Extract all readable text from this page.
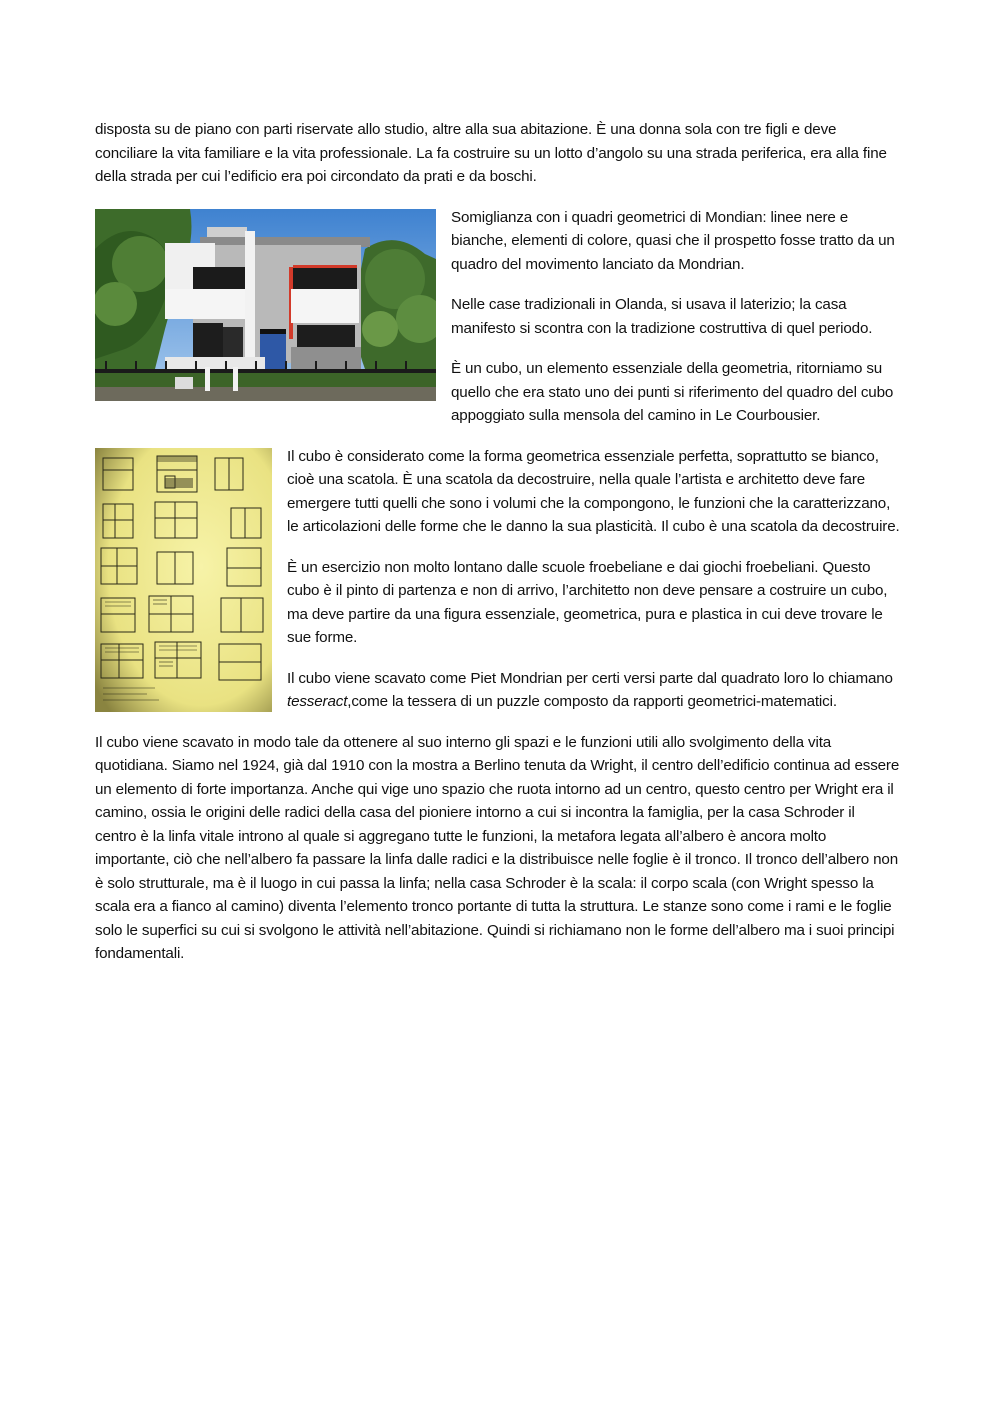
disposta su de piano con parti riservate allo studio, altre alla sua abitazione. È una donna sola con tre figli e deve conciliare la vita familiare e la vita professionale. La fa costruire su un lotto d’angolo su una strada periferica, era alla fine della strada per cui l’edificio era poi circondato da prati e da boschi.

Somiglianza con i quadri geometrici di Mondian: linee nere e bianche, elementi di colore, quasi che il prospetto fosse tratto da un quadro del movimento lanciato da Mondrian.

Nelle case tradizionali in Olanda, si usava il laterizio; la casa manifesto si scontra con la tradizione costruttiva di quel periodo.

È un cubo, un elemento essenziale della geometria, ritorniamo su quello che era stato uno dei punti si riferimento del quadro del cubo appoggiato sulla mensola del camino in Le Courbousier.

Il cubo è considerato come la forma geometrica essenziale perfetta, soprattutto se bianco, cioè una scatola. È una scatola da decostruire, nella quale l’artista e architetto deve fare emergere tutti quelli che sono i volumi che la compongono, le funzioni che la caratterizzano, le articolazioni delle forme che le danno la sua plasticità. Il cubo è una scatola da decostruire.

È un esercizio non molto lontano dalle scuole froebeliane e dai giochi froebeliani. Questo cubo è il pinto di partenza e non di arrivo, l’architetto non deve pensare a costruire un cubo, ma deve partire da una figura essenziale, geometrica, pura e plastica in cui deve trovare le sue forme.

Il cubo viene scavato come Piet Mondrian per certi versi parte dal quadrato loro lo chiamano tesseract,come la tessera di un puzzle composto da rapporti geometrici-matematici.

Il cubo viene scavato in modo tale da ottenere al suo interno gli spazi e le funzioni utili allo svolgimento della vita quotidiana. Siamo nel 1924, già dal 1910 con la mostra a Berlino tenuta da Wright, il centro dell’edificio continua ad essere un elemento di forte importanza. Anche qui vige uno spazio che ruota intorno ad un centro, questo centro per Wright era il camino, ossia le origini delle radici della casa del pioniere intorno a cui si incontra la famiglia, per la casa Schroder il centro è la linfa vitale introno al quale si aggregano tutte le funzioni, la metafora legata all’albero è ancora molto importante, ciò che nell’albero fa passare la linfa dalle radici e la distribuisce nelle foglie è il tronco. Il tronco dell’albero non è solo strutturale, ma è il luogo in cui passa la linfa; nella casa Schroder è la scala: il corpo scala (con Wright spesso la scala era a fianco al camino) diventa l’elemento tronco portante di tutta la struttura. Le stanze sono come i rami e le foglie solo le superfici su cui si svolgono le attività nell’abitazione. Quindi si richiamano non le forme dell’albero ma i suoi principi fondamentali.
